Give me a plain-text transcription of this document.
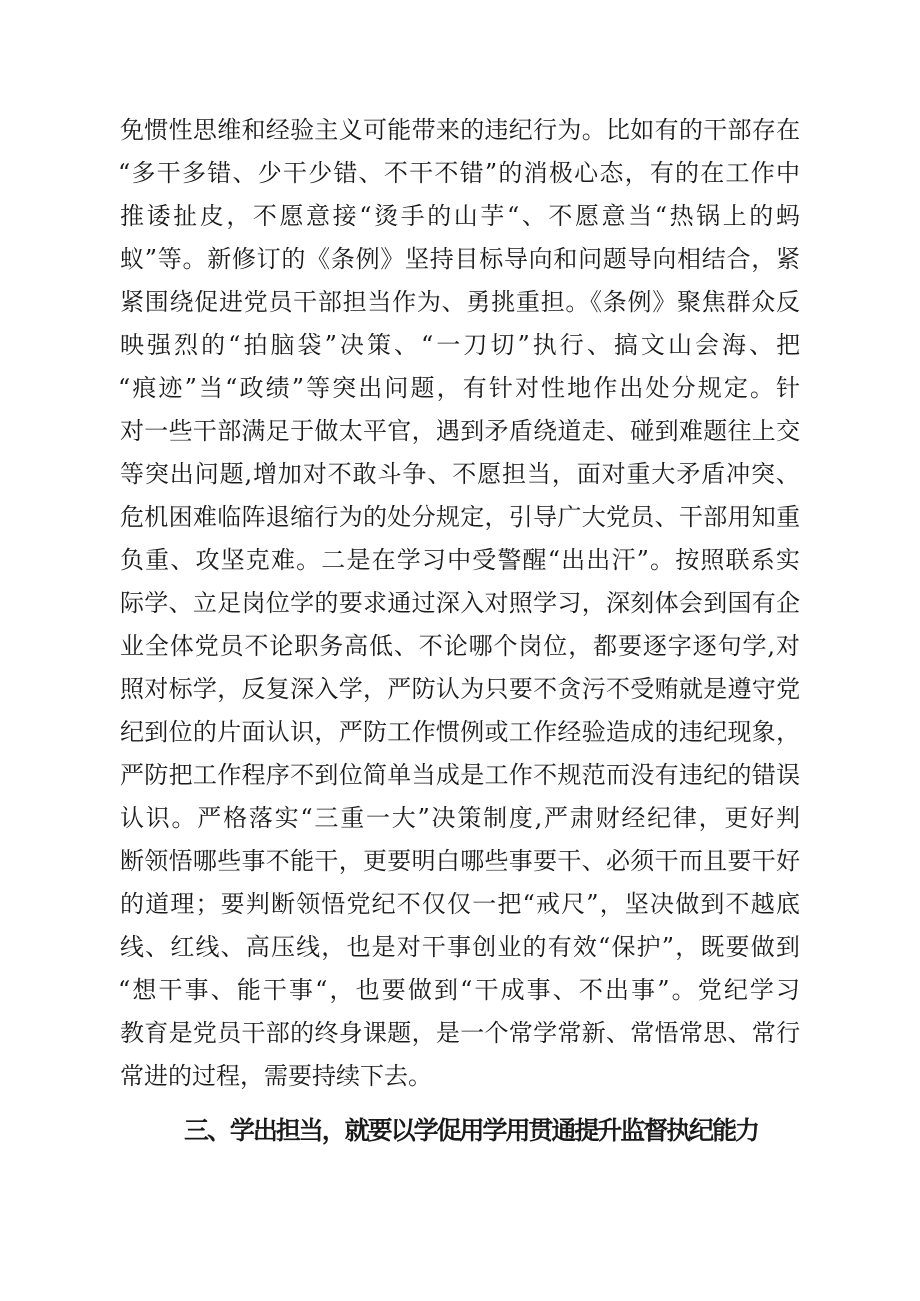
免惯性思维和经验主义可能带来的违纪行为。比如有的干部存在
“多干多错、少干少错、不干不错”的消极心态，有的在工作中
推诿扯皮，不愿意接“烫手的山芋“、不愿意当“热锅上的蚂
蚁”等。新修订的《条例》坚持目标导向和问题导向相结合，紧
紧围绕促进党员干部担当作为、勇挑重担。《条例》聚焦群众反
映强烈的“拍脑袋”决策、“一刀切”执行、搞文山会海、把
“痕迹”当“政绩”等突出问题，有针对性地作出处分规定。针
对一些干部满足于做太平官，遇到矛盾绕道走、碰到难题往上交
等突出问题,增加对不敢斗争、不愿担当，面对重大矛盾冲突、
危机困难临阵退缩行为的处分规定，引导广大党员、干部用知重
负重、攻坚克难。二是在学习中受警醒“出出汗”。按照联系实
际学、立足岗位学的要求通过深入对照学习，深刻体会到国有企
业全体党员不论职务高低、不论哪个岗位，都要逐字逐句学,对
照对标学，反复深入学，严防认为只要不贪污不受贿就是遵守党
纪到位的片面认识，严防工作惯例或工作经验造成的违纪现象，
严防把工作程序不到位简单当成是工作不规范而没有违纪的错误
认识。严格落实“三重一大”决策制度,严肃财经纪律，更好判
断领悟哪些事不能干，更要明白哪些事要干、必须干而且要干好
的道理；要判断领悟党纪不仅仅一把“戒尺”，坚决做到不越底
线、红线、高压线，也是对干事创业的有效“保护”，既要做到
“想干事、能干事“，也要做到“干成事、不出事”。党纪学习
教育是党员干部的终身课题，是一个常学常新、常悟常思、常行
常进的过程，需要持续下去。
三、学出担当，就要以学促用学用贯通提升监督执纪能力
